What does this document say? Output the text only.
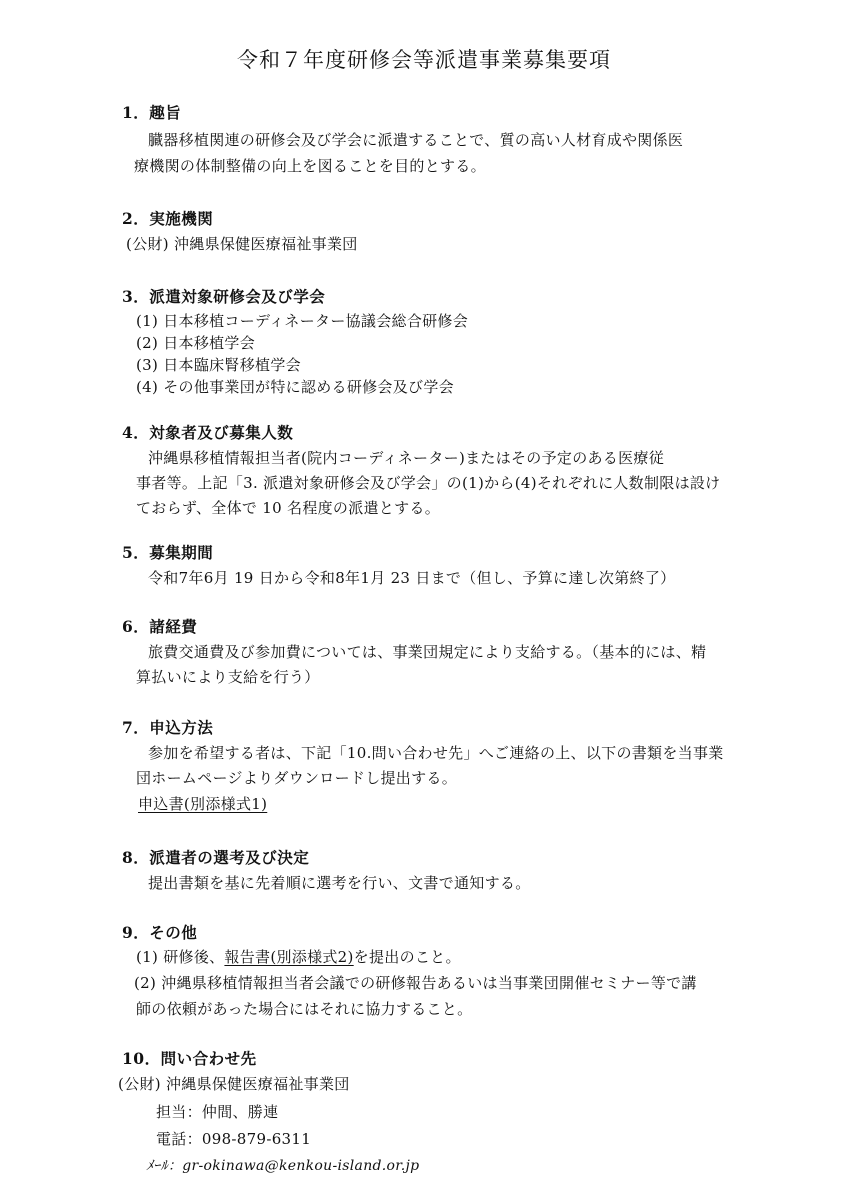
令和７年度研修会等派遣事業募集要項
1．趣旨
臓器移植関連の研修会及び学会に派遣することで、質の高い人材育成や関係医
療機関の体制整備の向上を図ることを目的とする。
2．実施機関
(公財) 沖縄県保健医療福祉事業団
3．派遣対象研修会及び学会
(1) 日本移植コーディネーター協議会総合研修会
(2) 日本移植学会
(3) 日本臨床腎移植学会
(4) その他事業団が特に認める研修会及び学会
4．対象者及び募集人数
沖縄県移植情報担当者(院内コーディネーター)またはその予定のある医療従
事者等。上記「3. 派遣対象研修会及び学会」の(1)から(4)それぞれに人数制限は設け
ておらず、全体で 10 名程度の派遣とする。
5．募集期間
令和7年6月 19 日から令和8年1月 23 日まで（但し、予算に達し次第終了）
6．諸経費
旅費交通費及び参加費については、事業団規定により支給する。（基本的には、精
算払いにより支給を行う）
7．申込方法
参加を希望する者は、下記「10.問い合わせ先」へご連絡の上、以下の書類を当事業
団ホームページよりダウンロードし提出する。
申込書(別添様式1)
8．派遣者の選考及び決定
提出書類を基に先着順に選考を行い、文書で通知する。
9．その他
(1) 研修後、報告書(別添様式2)を提出のこと。
(2) 沖縄県移植情報担当者会議での研修報告あるいは当事業団開催セミナー等で講
師の依頼があった場合にはそれに協力すること。
10．問い合わせ先
(公財) 沖縄県保健医療福祉事業団
担当：仲間、勝連
電話：098-879-6311
ﾒｰﾙ：gr-okinawa@kenkou-island.or.jp
